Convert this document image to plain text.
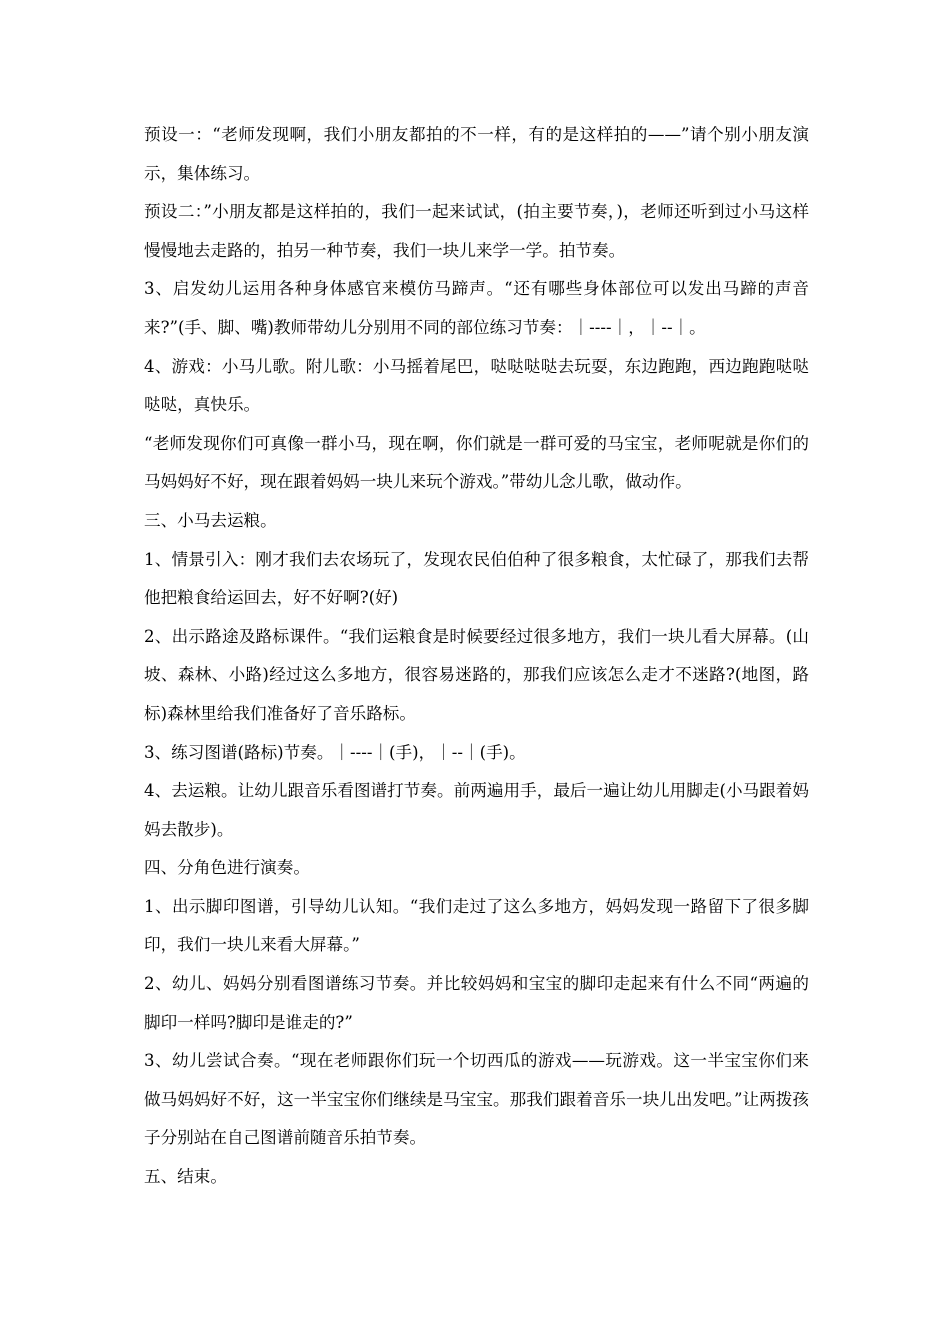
预设一：“老师发现啊，我们小朋友都拍的不一样，有的是这样拍的——”请个别小朋友演示，集体练习。

预设二：”小朋友都是这样拍的，我们一起来试试，(拍主要节奏，)，老师还听到过小马这样慢慢地去走路的，拍另一种节奏，我们一块儿来学一学。拍节奏。

3、启发幼儿运用各种身体感官来模仿马蹄声。“还有哪些身体部位可以发出马蹄的声音来?”(手、脚、嘴)教师带幼儿分别用不同的部位练习节奏：｜----｜，｜--｜。

4、游戏：小马儿歌。附儿歌：小马摇着尾巴，哒哒哒哒去玩耍，东边跑跑，西边跑跑哒哒哒哒，真快乐。

“老师发现你们可真像一群小马，现在啊，你们就是一群可爱的马宝宝，老师呢就是你们的马妈妈好不好，现在跟着妈妈一块儿来玩个游戏。”带幼儿念儿歌，做动作。

三、小马去运粮。

1、情景引入：刚才我们去农场玩了，发现农民伯伯种了很多粮食，太忙碌了，那我们去帮他把粮食给运回去，好不好啊?(好)

2、出示路途及路标课件。“我们运粮食是时候要经过很多地方，我们一块儿看大屏幕。(山坡、森林、小路)经过这么多地方，很容易迷路的，那我们应该怎么走才不迷路?(地图，路标)森林里给我们准备好了音乐路标。

3、练习图谱(路标)节奏。｜----｜(手)，｜--｜(手)。

4、去运粮。让幼儿跟音乐看图谱打节奏。前两遍用手，最后一遍让幼儿用脚走(小马跟着妈妈去散步)。

四、分角色进行演奏。

1、出示脚印图谱，引导幼儿认知。“我们走过了这么多地方，妈妈发现一路留下了很多脚印，我们一块儿来看大屏幕。”

2、幼儿、妈妈分别看图谱练习节奏。并比较妈妈和宝宝的脚印走起来有什么不同“两遍的脚印一样吗?脚印是谁走的?”

3、幼儿尝试合奏。“现在老师跟你们玩一个切西瓜的游戏——玩游戏。这一半宝宝你们来做马妈妈好不好，这一半宝宝你们继续是马宝宝。那我们跟着音乐一块儿出发吧。”让两拨孩子分别站在自己图谱前随音乐拍节奏。

五、结束。
